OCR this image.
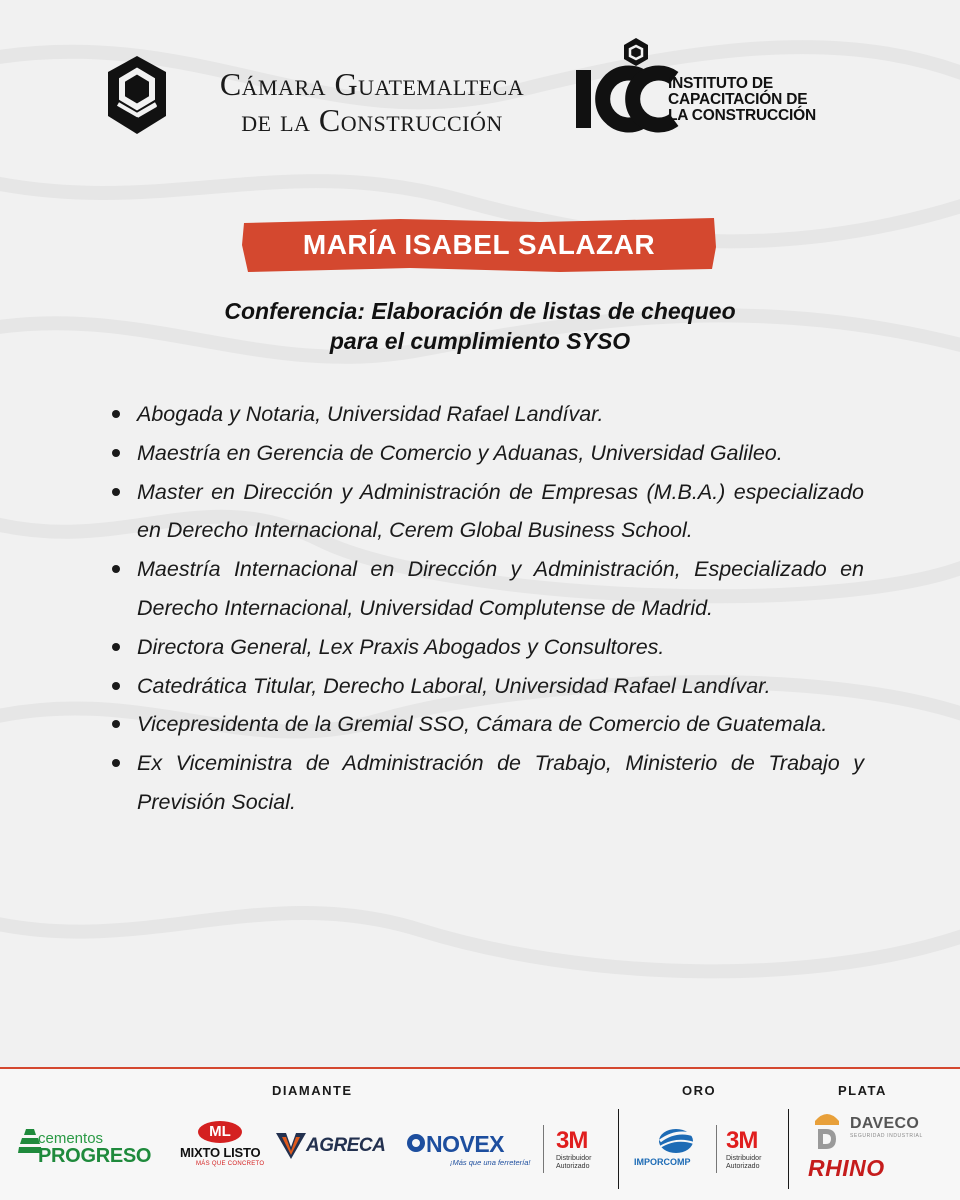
Cámara Guatemalteca
de la Construcción
INSTITUTO DE
CAPACITACIÓN DE
LA CONSTRUCCIÓN
MARÍA ISABEL SALAZAR
Conferencia: Elaboración de listas de chequeo
para el cumplimiento SYSO
Abogada y Notaria, Universidad Rafael Landívar.
Maestría en Gerencia de Comercio y Aduanas, Universidad Galileo.
Master en Dirección y Administración de Empresas (M.B.A.) especializado en Derecho Internacional, Cerem Global Business School.
Maestría Internacional en Dirección y Administración, Especializado en Derecho Internacional, Universidad Complutense de Madrid.
Directora General, Lex Praxis Abogados y Consultores.
Catedrática Titular, Derecho Laboral, Universidad Rafael Landívar.
Vicepresidenta de la Gremial SSO, Cámara de Comercio de Guatemala.
Ex Viceministra de Administración de Trabajo, Ministerio de Trabajo y Previsión Social.
DIAMANTE	ORO	PLATA
cementos
PROGRESO
ML
MIXTO LISTO
MÁS QUE CONCRETO
AGRECA NOVEX
¡Más que una ferretería!
3M
Distribuidor
Autorizado	IMPORCOMP
3M
Distribuidor
Autorizado
DAVECO
SEGURIDAD INDUSTRIAL
RHINO
